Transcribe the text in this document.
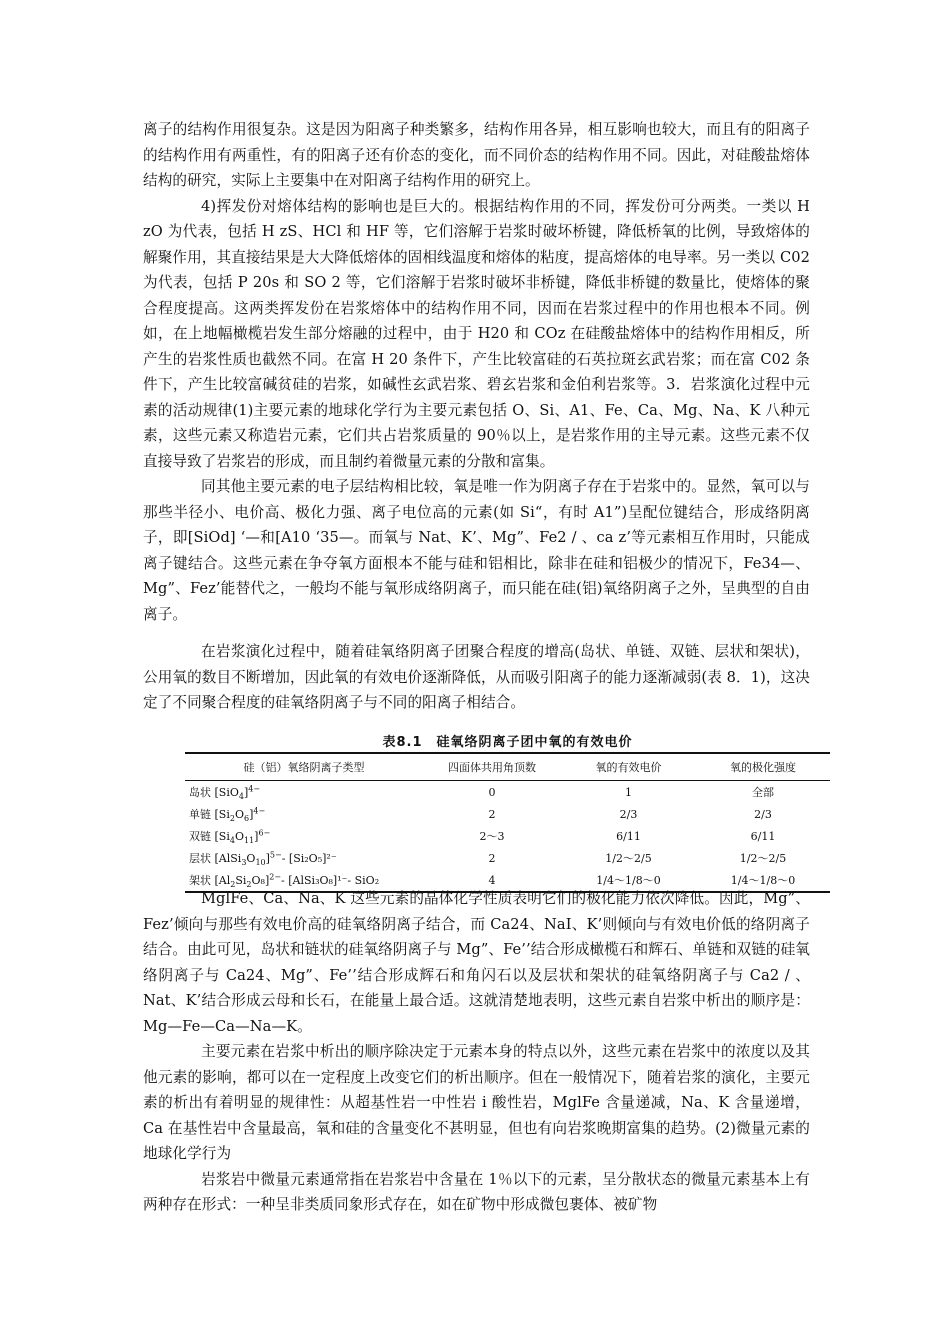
离子的结构作用很复杂。这是因为阳离子种类繁多，结构作用各异，相互影响也较大，而且有的阳离子的结构作用有两重性，有的阳离子还有价态的变化，而不同价态的结构作用不同。因此，对硅酸盐熔体结构的研究，实际上主要集中在对阳离子结构作用的研究上。

4)挥发份对熔体结构的影响也是巨大的。根据结构作用的不同，挥发份可分两类。一类以 H zO 为代表，包括 H zS、HCl 和 HF 等，它们溶解于岩浆时破坏桥键，降低桥氧的比例，导致熔体的解聚作用，其直接结果是大大降低熔体的固相线温度和熔体的粘度，提高熔体的电导率。另一类以 C02 为代表，包括 P 20s 和 SO 2 等，它们溶解于岩浆时破坏非桥键，降低非桥键的数量比，使熔体的聚合程度提高。这两类挥发份在岩浆熔体中的结构作用不同，因而在岩浆过程中的作用也根本不同。例如，在上地幅橄榄岩发生部分熔融的过程中，由于 H20 和 COz 在硅酸盐熔体中的结构作用相反，所产生的岩浆性质也截然不同。在富 H 20 条件下，产生比较富硅的石英拉斑玄武岩浆；而在富 C02 条件下，产生比较富碱贫硅的岩浆，如碱性玄武岩浆、碧玄岩浆和金伯利岩浆等。3．岩浆演化过程中元素的活动规律(1)主要元素的地球化学行为主要元素包括 O、Si、A1、Fe、Ca、Mg、Na、K 八种元素，这些元素又称造岩元素，它们共占岩浆质量的 90％以上，是岩浆作用的主导元素。这些元素不仅直接导致了岩浆岩的形成，而且制约着微量元素的分散和富集。

同其他主要元素的电子层结构相比较，氧是唯一作为阴离子存在于岩浆中的。显然，氧可以与那些半径小、电价高、极化力强、离子电位高的元素(如 Si“，有时 A1”)呈配位键结合，形成络阴离子，即[SiOd] ‘—和[A10 ‘35—。而氧与 Nat、K’、Mg”、Fe2 / 、ca z’等元素相互作用时，只能成离子键结合。这些元素在争夺氧方面根本不能与硅和铝相比，除非在硅和铝极少的情况下，Fe34—、Mg”、Fez’能替代之，一般均不能与氧形成络阴离子，而只能在硅(铝)氧络阴离子之外，呈典型的自由离子。

在岩浆演化过程中，随着硅氧络阴离子团聚合程度的增高(岛状、单链、双链、层状和架状)，公用氧的数目不断增加，因此氧的有效电价逐渐降低，从而吸引阳离子的能力逐渐减弱(表 8．1)，这决定了不同聚合程度的硅氧络阴离子与不同的阳离子相结合。

表8.1　硅氧络阴离子团中氧的有效电价
硅（铝）氧络阴离子类型	四面体共用角顶数	氧的有效电价	氧的极化强度
岛状 $[SiO_4]^{4-}$	0	1	全部
单链 $[Si_2O_6]^{4-}$	2	2/3	2/3
双链 $[Si_4O_{11}]^{6-}$	2～3	6/11	6/11
层状 $[AlSi_3O_{10}]^{5-}-$ [Si₂O₅]²⁻	2	1/2～2/5	1/2～2/5
架状 $[Al_2Si_2O_8]^{2-}-$ [AlSi₃O₈]¹⁻- SiO₂	4	1/4～1/8～0	1/4～1/8～0

MglFe、Ca、Na、K 这些元素的晶体化学性质表明它们的极化能力依次降低。因此，Mg”、Fez’倾向与那些有效电价高的硅氧络阴离子结合，而 Ca24、NaI、K’则倾向与有效电价低的络阴离子结合。由此可见，岛状和链状的硅氧络阴离子与 Mg”、Fe’’结合形成橄榄石和辉石、单链和双链的硅氧络阴离子与 Ca24、Mg”、Fe’’结合形成辉石和角闪石以及层状和架状的硅氧络阴离子与 Ca2 / 、Nat、K’结合形成云母和长石，在能量上最合适。这就清楚地表明，这些元素自岩浆中析出的顺序是：Mg—Fe—Ca—Na—K。

主要元素在岩浆中析出的顺序除决定于元素本身的特点以外，这些元素在岩浆中的浓度以及其他元素的影响，都可以在一定程度上改变它们的析出顺序。但在一般情况下，随着岩浆的演化，主要元素的析出有着明显的规律性：从超基性岩一中性岩 i 酸性岩，MglFe 含量递减，Na、K 含量递增，Ca 在基性岩中含量最高，氧和硅的含量变化不甚明显，但也有向岩浆晚期富集的趋势。(2)微量元素的地球化学行为

岩浆岩中微量元素通常指在岩浆岩中含量在 1％以下的元素，呈分散状态的微量元素基本上有两种存在形式：一种呈非类质同象形式存在，如在矿物中形成微包裹体、被矿物
